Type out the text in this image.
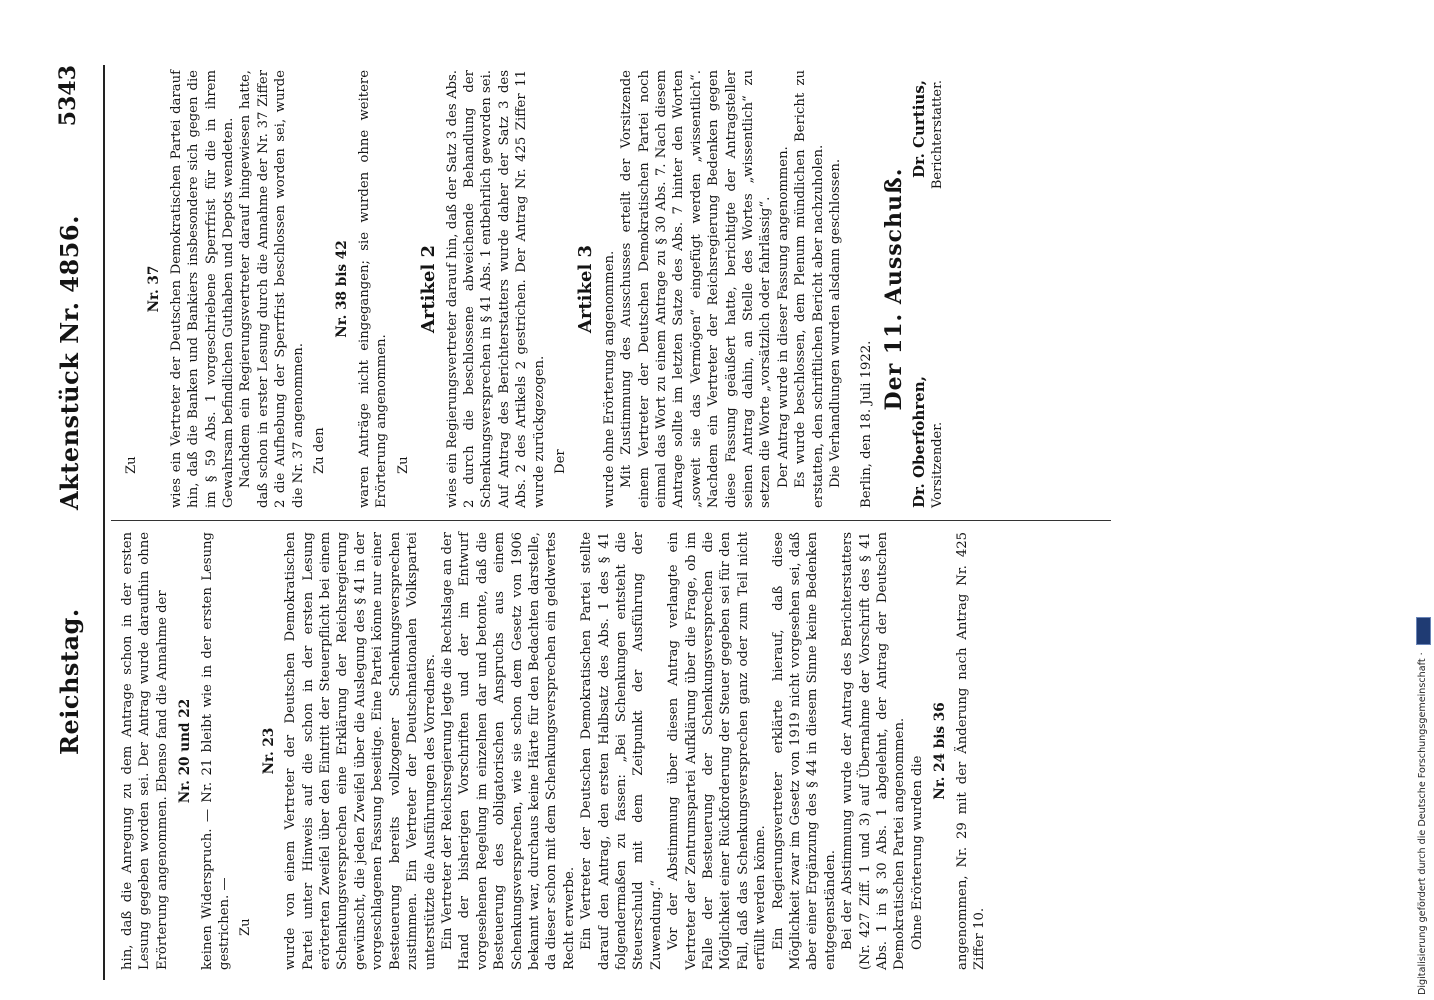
Reichstag.
Aktenstück Nr. 4856.
5343

hin, daß die Anregung zu dem Antrage schon in der ersten Lesung gegeben worden sei. Der Antrag wurde daraufhin ohne Erörterung angenommen. Ebenso fand die Annahme der Nr. 20 und 22 keinen Widerspruch. — Nr. 21 bleibt wie in der ersten Lesung gestrichen. — Zu

Nr. 23 wurde von einem Vertreter der Deutschen Demokratischen Partei unter Hinweis auf die schon in der ersten Lesung erörterten Zweifel über den Eintritt der Steuerpflicht bei einem Schenkungsversprechen eine Erklärung der Reichsregierung gewünscht, die jeden Zweifel über die Auslegung des § 41 in der vorgeschlagenen Fassung beseitige. Eine Partei könne nur einer Besteuerung bereits vollzogener Schenkungsversprechen zustimmen. Ein Vertreter der Deutschnationalen Volkspartei unterstützte die Ausführungen des Vorredners. Ein Vertreter der Reichsregierung legte die Rechtslage an der Hand der bisherigen Vorschriften und der im Entwurf vorgesehenen Regelung im einzelnen dar und betonte, daß die Besteuerung des obligatorischen Anspruchs aus einem Schenkungsversprechen, wie sie schon dem Gesetz von 1906 bekannt war, durchaus keine Härte für den Bedachten darstelle, da dieser schon mit dem Schenkungsversprechen ein geldwertes Recht erwerbe. Ein Vertreter der Deutschen Demokratischen Partei stellte darauf den Antrag, den ersten Halbsatz des Abs. 1 des § 41 folgendermaßen zu fassen: „Bei Schenkungen entsteht die Steuerschuld mit dem Zeitpunkt der Ausführung der Zuwendung.“ Vor der Abstimmung über diesen Antrag verlangte ein Vertreter der Zentrumspartei Aufklärung über die Frage, ob im Falle der Besteuerung der Schenkungsversprechen die Möglichkeit einer Rückforderung der Steuer gegeben sei für den Fall, daß das Schenkungsversprechen ganz oder zum Teil nicht erfüllt werden könne. Ein Regierungsvertreter erklärte hierauf, daß diese Möglichkeit zwar im Gesetz von 1919 nicht vorgesehen sei, daß aber einer Ergänzung des § 44 in diesem Sinne keine Bedenken entgegenständen. Bei der Abstimmung wurde der Antrag des Berichterstatters (Nr. 427 Ziff. 1 und 3) auf Übernahme der Vorschrift des § 41 Abs. 1 in § 30 Abs. 1 abgelehnt, der Antrag der Deutschen Demokratischen Partei angenommen. Ohne Erörterung wurden die

Nr. 24 bis 36 angenommen, Nr. 29 mit der Änderung nach Antrag Nr. 425 Ziffer 10.

Zu

Nr. 37 wies ein Vertreter der Deutschen Demokratischen Partei darauf hin, daß die Banken und Bankiers insbesondere sich gegen die im § 59 Abs. 1 vorgeschriebene Sperrfrist für die in ihrem Gewahrsam befindlichen Guthaben und Depots wendeten. Nachdem ein Regierungsvertreter darauf hingewiesen hatte, daß schon in erster Lesung durch die Annahme der Nr. 37 Ziffer 2 die Aufhebung der Sperrfrist beschlossen worden sei, wurde die Nr. 37 angenommen. Zu den

Nr. 38 bis 42 waren Anträge nicht eingegangen; sie wurden ohne weitere Erörterung angenommen. Zu

Artikel 2 wies ein Regierungsvertreter darauf hin, daß der Satz 3 des Abs. 2 durch die beschlossene abweichende Behandlung der Schenkungsversprechen in § 41 Abs. 1 entbehrlich geworden sei. Auf Antrag des Berichterstatters wurde daher der Satz 3 des Abs. 2 des Artikels 2 gestrichen. Der Antrag Nr. 425 Ziffer 11 wurde zurückgezogen. Der

Artikel 3 wurde ohne Erörterung angenommen. Mit Zustimmung des Ausschusses erteilt der Vorsitzende einem Vertreter der Deutschen Demokratischen Partei noch einmal das Wort zu einem Antrage zu § 30 Abs. 7. Nach diesem Antrage sollte im letzten Satze des Abs. 7 hinter den Worten „soweit sie das Vermögen“ eingefügt werden „wissentlich“. Nachdem ein Vertreter der Reichsregierung Bedenken gegen diese Fassung geäußert hatte, berichtigte der Antragsteller seinen Antrag dahin, an Stelle des Wortes „wissentlich“ zu setzen die Worte „vorsätzlich oder fahrlässig“. Der Antrag wurde in dieser Fassung angenommen. Es wurde beschlossen, dem Plenum mündlichen Bericht zu erstatten, den schriftlichen Bericht aber nachzuholen. Die Verhandlungen wurden alsdann geschlossen. Berlin, den 18. Juli 1922.

Der 11. Ausschuß.
Dr. Oberfohren, Vorsitzender.
Dr. Curtius, Berichterstatter.
Digitalisierung gefördert durch die Deutsche Forschungsgemeinschaft ·
